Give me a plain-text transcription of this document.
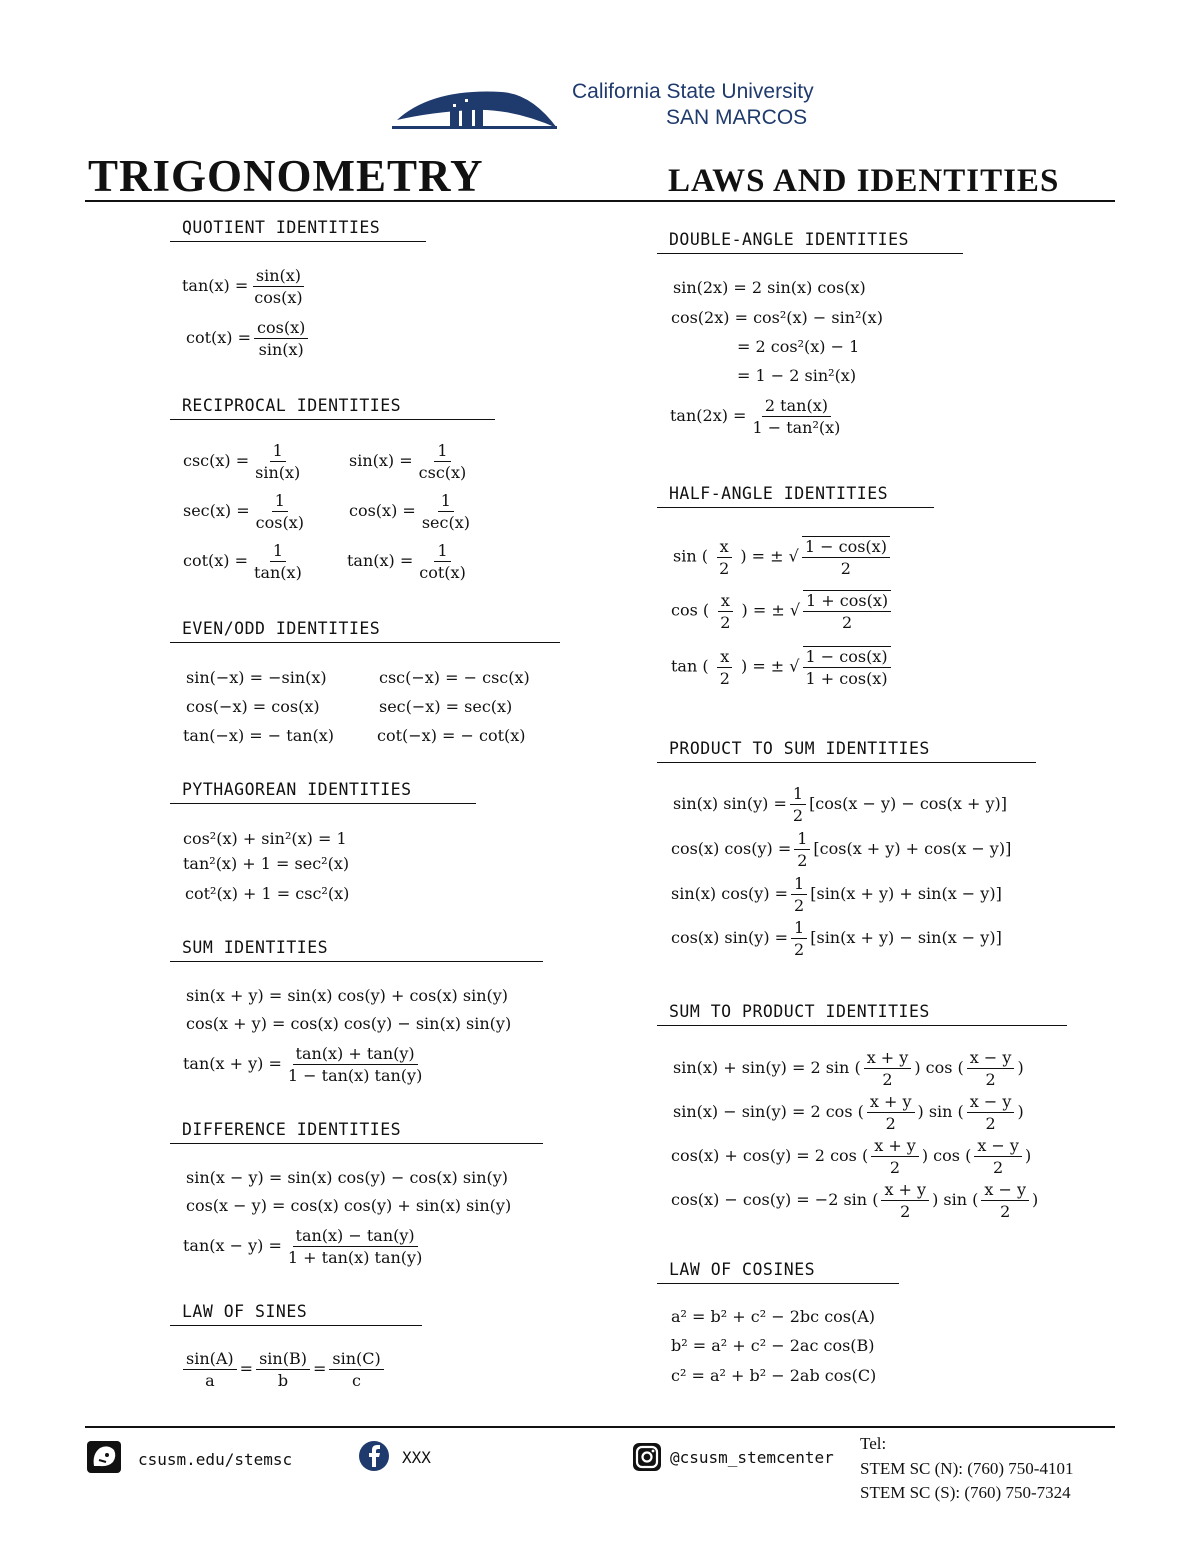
California State University
SAN MARCOS
TRIGONOMETRY	LAWS AND IDENTITIES
QUOTIENT IDENTITIES
$\tan(x) = \frac{\sin(x)}{\cos(x)}$
$\cot(x) = \frac{\cos(x)}{\sin(x)}$
RECIPROCAL IDENTITIES
$\csc(x) = \frac{1}{\sin(x)}$	$\sin(x) = \frac{1}{\csc(x)}$
$\sec(x) = \frac{1}{\cos(x)}$	$\cos(x) = \frac{1}{\sec(x)}$
$\cot(x) = \frac{1}{\tan(x)}$	$\tan(x) = \frac{1}{\cot(x)}$
EVEN/ODD IDENTITIES
sin(−x) = −sin(x)	csc(−x) = − csc(x)
cos(−x) = cos(x)	sec(−x) = sec(x)
tan(−x) = − tan(x)	cot(−x) = − cot(x)
PYTHAGOREAN IDENTITIES
cos²(x) + sin²(x) = 1
tan²(x) + 1 = sec²(x)
cot²(x) + 1 = csc²(x)
SUM IDENTITIES
sin(x + y) = sin(x) cos(y) + cos(x) sin(y)
cos(x + y) = cos(x) cos(y) − sin(x) sin(y)
$\tan(x + y) = \frac{\tan(x) + \tan(y)}{1 - \tan(x) \tan(y)}$
DIFFERENCE IDENTITIES
sin(x − y) = sin(x) cos(y) − cos(x) sin(y)
cos(x − y) = cos(x) cos(y) + sin(x) sin(y)
$\tan(x - y) = \frac{\tan(x) - \tan(y)}{1 + \tan(x) \tan(y)}$
LAW OF SINES
$\frac{\sin(A)}{a} = \frac{\sin(B)}{b} = \frac{\sin(C)}{c}$
DOUBLE-ANGLE IDENTITIES
sin(2x) = 2 sin(x) cos(x)
cos(2x) = cos²(x) − sin²(x)
= 2 cos²(x) − 1
= 1 − 2 sin²(x)
$\tan(2x) = \frac{2 \tan(x)}{\text{1 − tan²(x)}}$
HALF-ANGLE IDENTITIES
sin ( $\frac{x}{2}$ ) = ± √ $\frac{1 - \cos(x)}{2}$
cos ( $\frac{x}{2}$ ) = ± √ $\frac{1 + \cos(x)}{2}$
tan ( $\frac{x}{2}$ ) = ± √ $\frac{1 - \cos(x)}{1 + \cos(x)}$
PRODUCT TO SUM IDENTITIES
sin(x) $\sin(y) = \frac{1}{2} [\cos(x - y) - \cos(x + y)]$
cos(x) $\cos(y) = \frac{1}{2} [\cos(x + y) + \cos(x - y)]$
sin(x) $\cos(y) = \frac{1}{2} [\sin(x + y) + \sin(x - y)]$
cos(x) $\sin(y) = \frac{1}{2} [\sin(x + y) - \sin(x - y)]$
SUM TO PRODUCT IDENTITIES
sin(x) + sin(y) = 2 sin ( $\frac{x + y}{2}$ ) cos ( $\frac{x - y}{2}$ )
sin(x) − sin(y) = 2 cos ( $\frac{x + y}{2}$ ) sin ( $\frac{x - y}{2}$ )
cos(x) + cos(y) = 2 cos ( $\frac{x + y}{2}$ ) cos ( $\frac{x - y}{2}$ )
cos(x) − cos(y) = −2 sin ( $\frac{x + y}{2}$ ) sin ( $\frac{x - y}{2}$ )
LAW OF COSINES
a² = b² + c² − 2bc cos(A)
b² = a² + c² − 2ac cos(B)
c² = a² + b² − 2ab cos(C)
csusm.edu/stemsc	XXX	@csusm_stemcenter
Tel:
STEM SC (N): (760) 750-4101
STEM SC (S): (760) 750-7324
